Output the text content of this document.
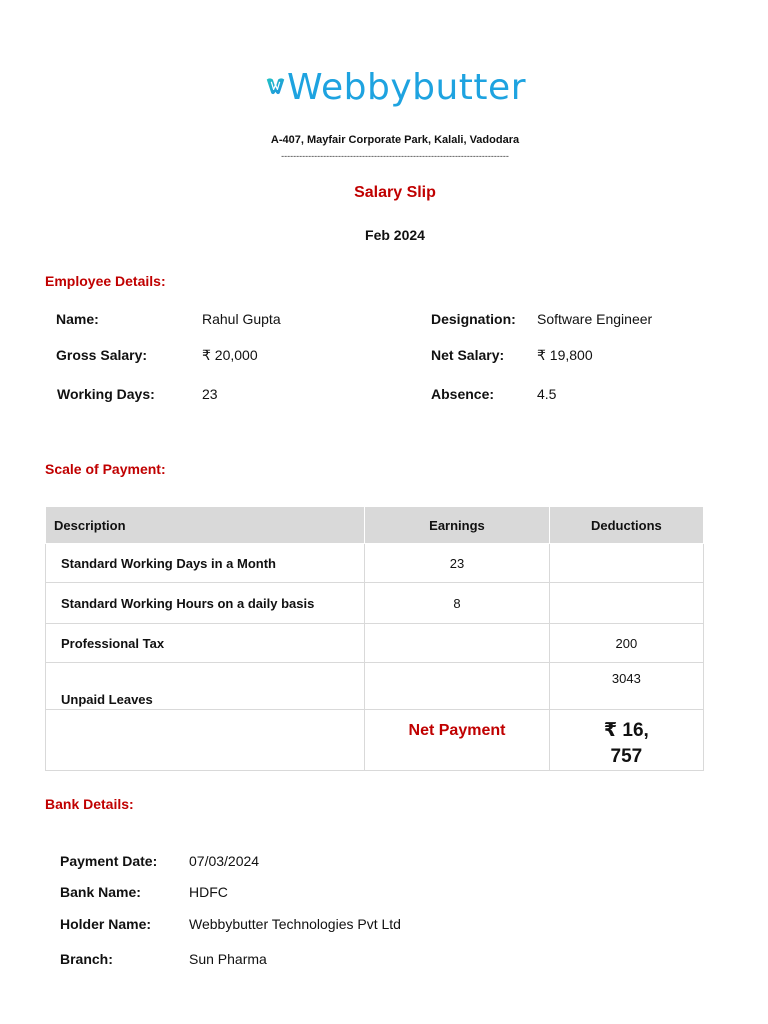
Webbybutter
A-407, Mayfair Corporate Park, Kalali, Vadodara
----------------------------------------------------------------------------
Salary Slip
Feb 2024
Employee Details:
Name:	Rahul Gupta	Designation: Software Engineer
Gross Salary:	₹ 20,000	Net Salary: ₹ 19,800
Working Days:	23	Absence:	4.5
Scale of Payment:
Description	Earnings	Deductions
Standard Working Days in a Month	23	
Standard Working Hours on a daily basis	8	
Professional Tax		200
Unpaid Leaves		3043
	Net Payment	₹ 16,
757
Bank Details:
Payment Date: 07/03/2024
Bank Name:	HDFC
Holder Name:	Webbybutter Technologies Pvt Ltd
Branch:	Sun Pharma
